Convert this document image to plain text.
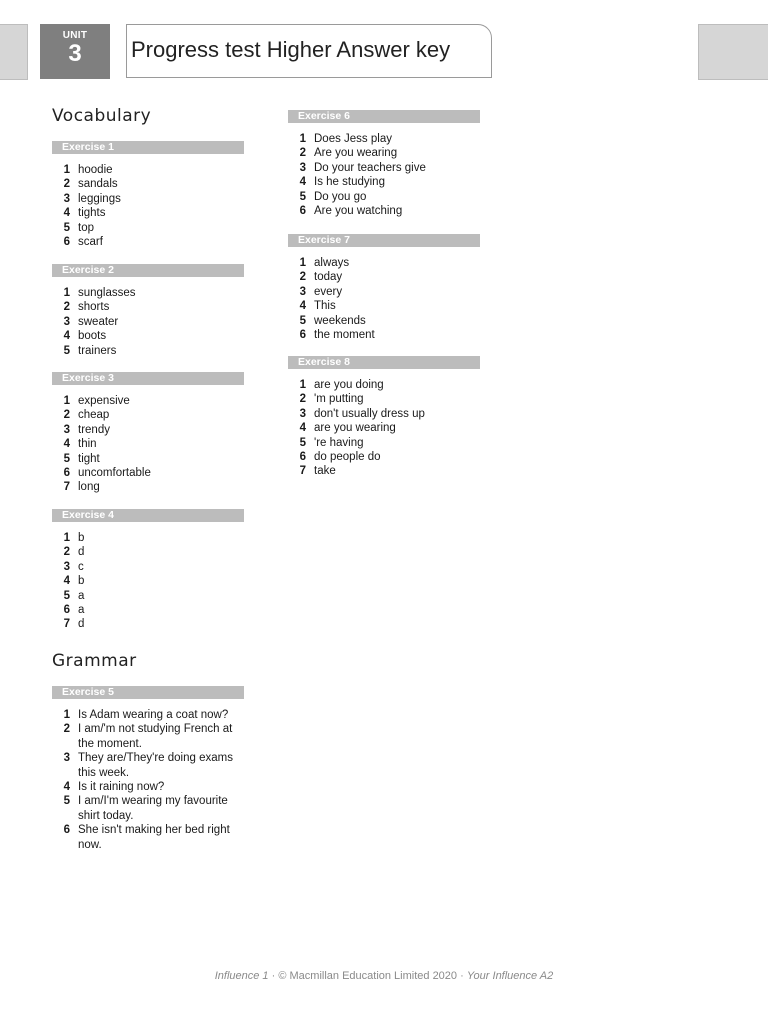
UNIT
3	Progress test Higher Answer key
Vocabulary
Exercise 1
1 hoodie
2 sandals
3 leggings
4 tights
5 top
6 scarf
Exercise 2
1 sunglasses
2 shorts
3 sweater
4 boots
5 trainers
Exercise 3
1 expensive
2 cheap
3 trendy
4 thin
5 tight
6 uncomfortable
7 long
Exercise 4
1 b
2 d
3 c
4 b
5 a
6 a
7 d
Grammar
Exercise 5
1 Is Adam wearing a coat now?
2 I am/'m not studying French at the moment.
3 They are/They're doing exams this week.
4 Is it raining now?
5 I am/I'm wearing my favourite shirt today.
6 She isn't making her bed right now.
Exercise 6
1 Does Jess play
2 Are you wearing
3 Do your teachers give
4 Is he studying
5 Do you go
6 Are you watching
Exercise 7
1 always
2 today
3 every
4 This
5 weekends
6 the moment
Exercise 8
1 are you doing
2 'm putting
3 don't usually dress up
4 are you wearing
5 're having
6 do people do
7 take
Influence 1 · © Macmillan Education Limited 2020 · Your Influence A2
